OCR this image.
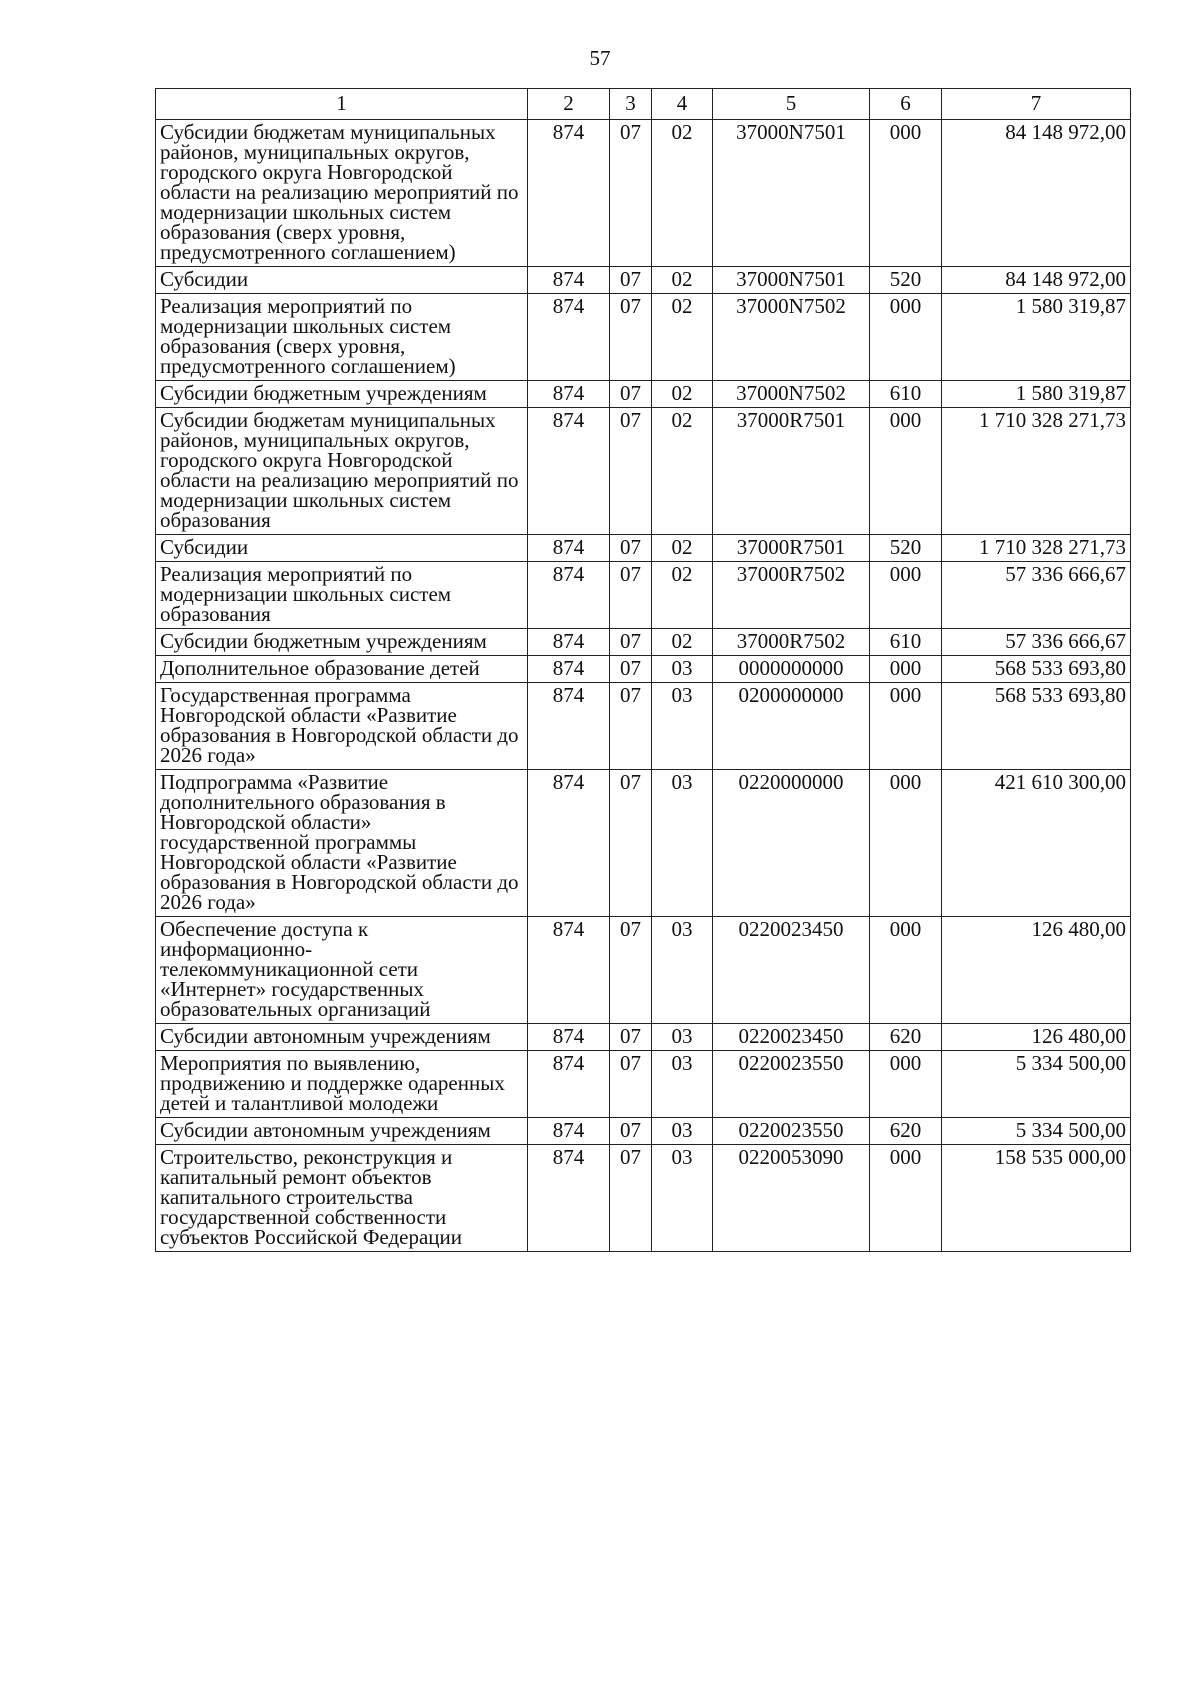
57
1	2	3	4	5	6	7
Субсидии бюджетам муниципальных районов, муниципальных округов, городского округа Новгородской области на реализацию мероприятий по модернизации школьных систем образования (сверх уровня, предусмотренного соглашением)	874	07	02	37000N7501	000	84 148 972,00
Субсидии	874	07	02	37000N7501	520	84 148 972,00
Реализация мероприятий по модернизации школьных систем образования (сверх уровня, предусмотренного соглашением)	874	07	02	37000N7502	000	1 580 319,87
Субсидии бюджетным учреждениям	874	07	02	37000N7502	610	1 580 319,87
Субсидии бюджетам муниципальных районов, муниципальных округов, городского округа Новгородской области на реализацию мероприятий по модернизации школьных систем образования	874	07	02	37000R7501	000	1 710 328 271,73
Субсидии	874	07	02	37000R7501	520	1 710 328 271,73
Реализация мероприятий по модернизации школьных систем образования	874	07	02	37000R7502	000	57 336 666,67
Субсидии бюджетным учреждениям	874	07	02	37000R7502	610	57 336 666,67
Дополнительное образование детей	874	07	03	0000000000	000	568 533 693,80
Государственная программа Новгородской области «Развитие образования в Новгородской области до 2026 года»	874	07	03	0200000000	000	568 533 693,80
Подпрограмма «Развитие дополнительного образования в Новгородской области» государственной программы Новгородской области «Развитие образования в Новгородской области до 2026 года»	874	07	03	0220000000	000	421 610 300,00
Обеспечение доступа к информационно-телекоммуникационной сети «Интернет» государственных образовательных организаций	874	07	03	0220023450	000	126 480,00
Субсидии автономным учреждениям	874	07	03	0220023450	620	126 480,00
Мероприятия по выявлению, продвижению и поддержке одаренных детей и талантливой молодежи	874	07	03	0220023550	000	5 334 500,00
Субсидии автономным учреждениям	874	07	03	0220023550	620	5 334 500,00
Строительство, реконструкция и капитальный ремонт объектов капитального строительства государственной собственности субъектов Российской Федерации	874	07	03	0220053090	000	158 535 000,00
